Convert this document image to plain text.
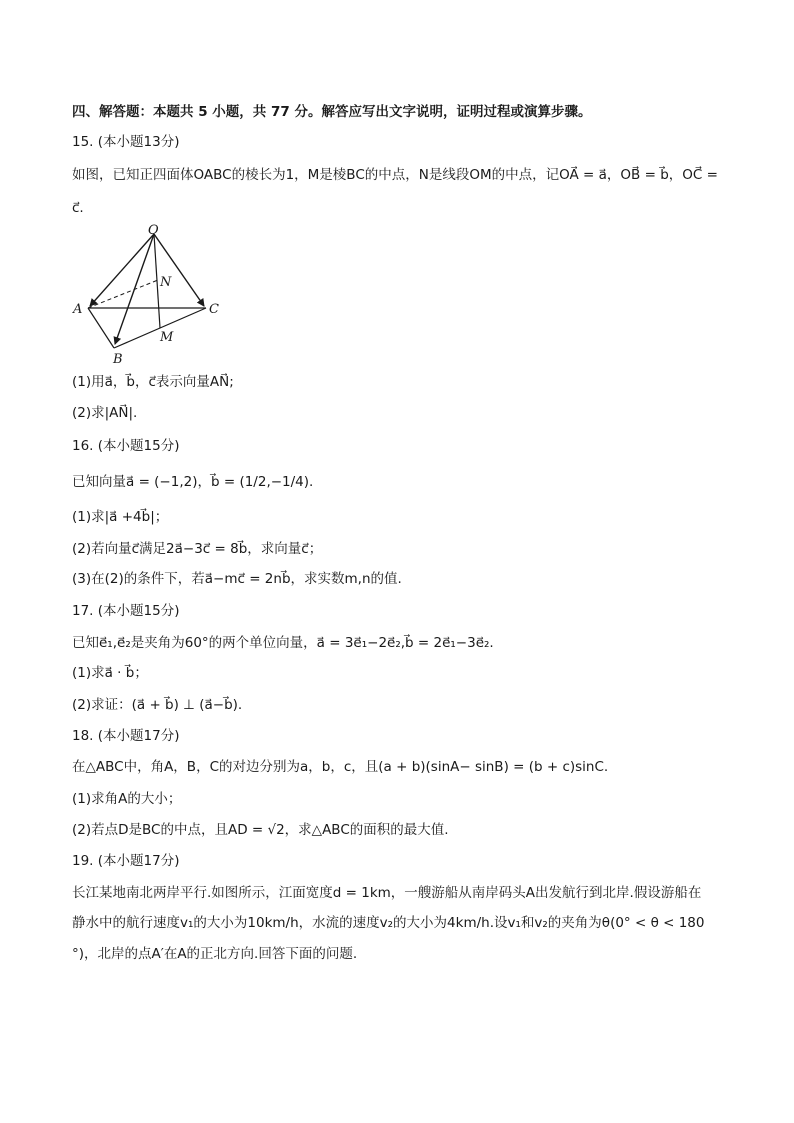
四、解答题：本题共 5 小题，共 77 分。解答应写出文字说明，证明过程或演算步骤。
15. (本小题13分)
如图，已知正四面体OABC的棱长为1，M是棱BC的中点，N是线段OM的中点，记OA⃗ = a⃗，OB⃗ = b⃗，OC⃗ =
c⃗.
O
N
A	C
M
B
(1)用a⃗，b⃗，c⃗表示向量AN⃗;
(2)求|AN⃗|.
16. (本小题15分)
已知向量a⃗ = (−1,2)，b⃗ = (1/2,−1/4).
(1)求|a⃗ +4b⃗|；
(2)若向量c⃗满足2a⃗−3c⃗ = 8b⃗，求向量c⃗；
(3)在(2)的条件下，若a⃗−mc⃗ = 2nb⃗，求实数m,n的值.
17. (本小题15分)
已知e⃗₁,e⃗₂是夹角为60°的两个单位向量，a⃗ = 3e⃗₁−2e⃗₂,b⃗ = 2e⃗₁−3e⃗₂.
(1)求a⃗ · b⃗；
(2)求证：(a⃗ + b⃗) ⊥ (a⃗−b⃗).
18. (本小题17分)
在△ABC中，角A，B，C的对边分别为a，b，c，且(a + b)(sinA− sinB) = (b + c)sinC.
(1)求角A的大小；
(2)若点D是BC的中点，且AD = √2，求△ABC的面积的最大值.
19. (本小题17分)
长江某地南北两岸平行.如图所示，江面宽度d = 1km，一艘游船从南岸码头A出发航行到北岸.假设游船在
静水中的航行速度v₁的大小为10km/h，水流的速度v₂的大小为4km/h.设v₁和v₂的夹角为θ(0° < θ < 180
°)，北岸的点A′在A的正北方向.回答下面的问题.
